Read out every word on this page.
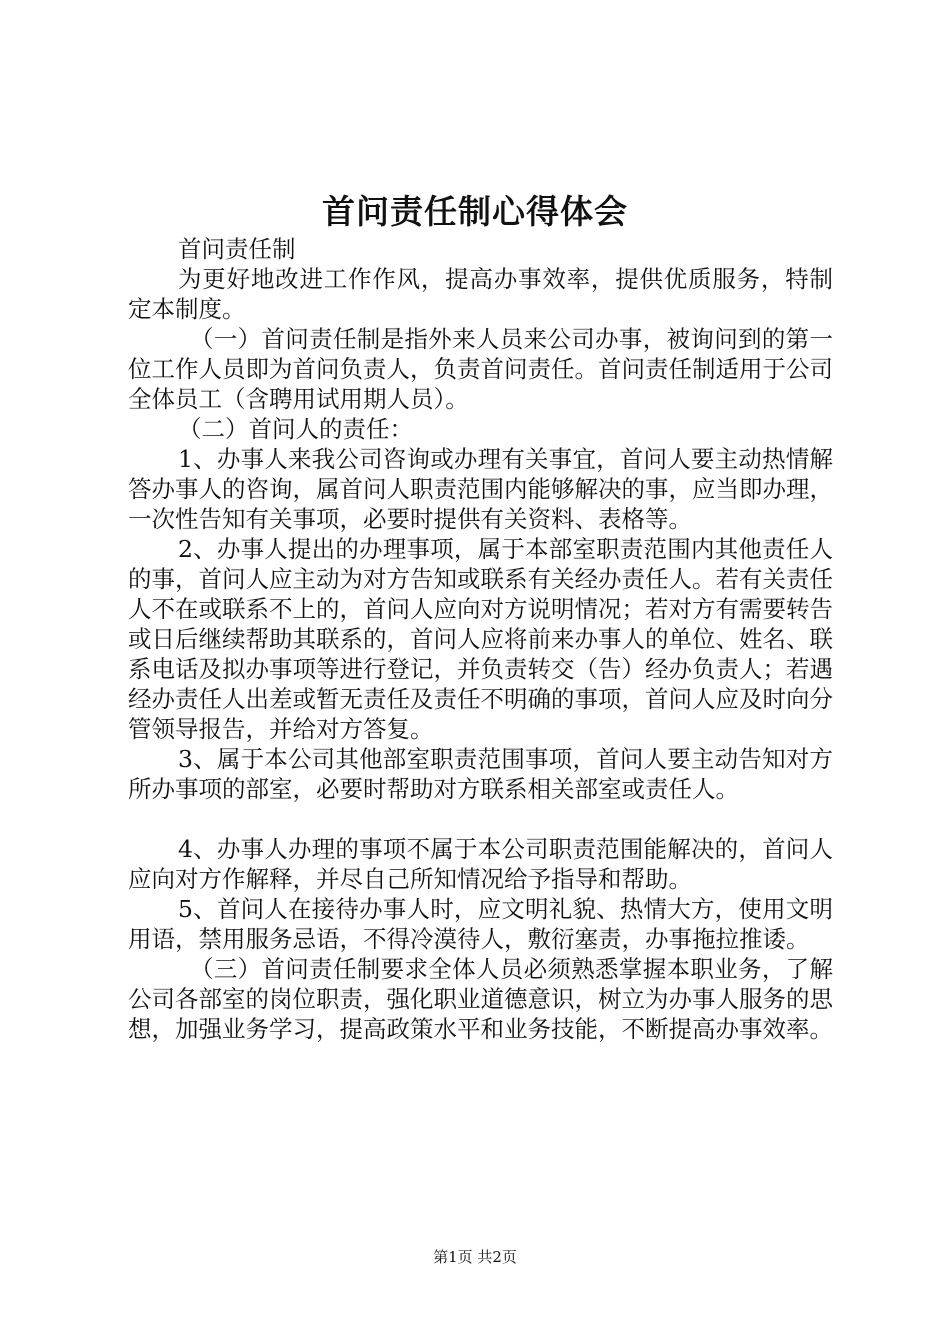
首问责任制心得体会

首问责任制

为更好地改进工作作风，提高办事效率，提供优质服务，特制定本制度。

（一）首问责任制是指外来人员来公司办事，被询问到的第一位工作人员即为首问负责人，负责首问责任。首问责任制适用于公司全体员工（含聘用试用期人员）。

（二）首问人的责任：

1、办事人来我公司咨询或办理有关事宜，首问人要主动热情解答办事人的咨询，属首问人职责范围内能够解决的事，应当即办理，一次性告知有关事项，必要时提供有关资料、表格等。

2、办事人提出的办理事项，属于本部室职责范围内其他责任人的事，首问人应主动为对方告知或联系有关经办责任人。若有关责任人不在或联系不上的，首问人应向对方说明情况；若对方有需要转告或日后继续帮助其联系的，首问人应将前来办事人的单位、姓名、联系电话及拟办事项等进行登记，并负责转交（告）经办负责人；若遇经办责任人出差或暂无责任及责任不明确的事项，首问人应及时向分管领导报告，并给对方答复。

3、属于本公司其他部室职责范围事项，首问人要主动告知对方所办事项的部室，必要时帮助对方联系相关部室或责任人。

4、办事人办理的事项不属于本公司职责范围能解决的，首问人应向对方作解释，并尽自己所知情况给予指导和帮助。

5、首问人在接待办事人时，应文明礼貌、热情大方，使用文明用语，禁用服务忌语，不得冷漠待人，敷衍塞责，办事拖拉推诿。

（三）首问责任制要求全体人员必须熟悉掌握本职业务，了解公司各部室的岗位职责，强化职业道德意识，树立为办事人服务的思想，加强业务学习，提高政策水平和业务技能，不断提高办事效率。

第1页 共2页
